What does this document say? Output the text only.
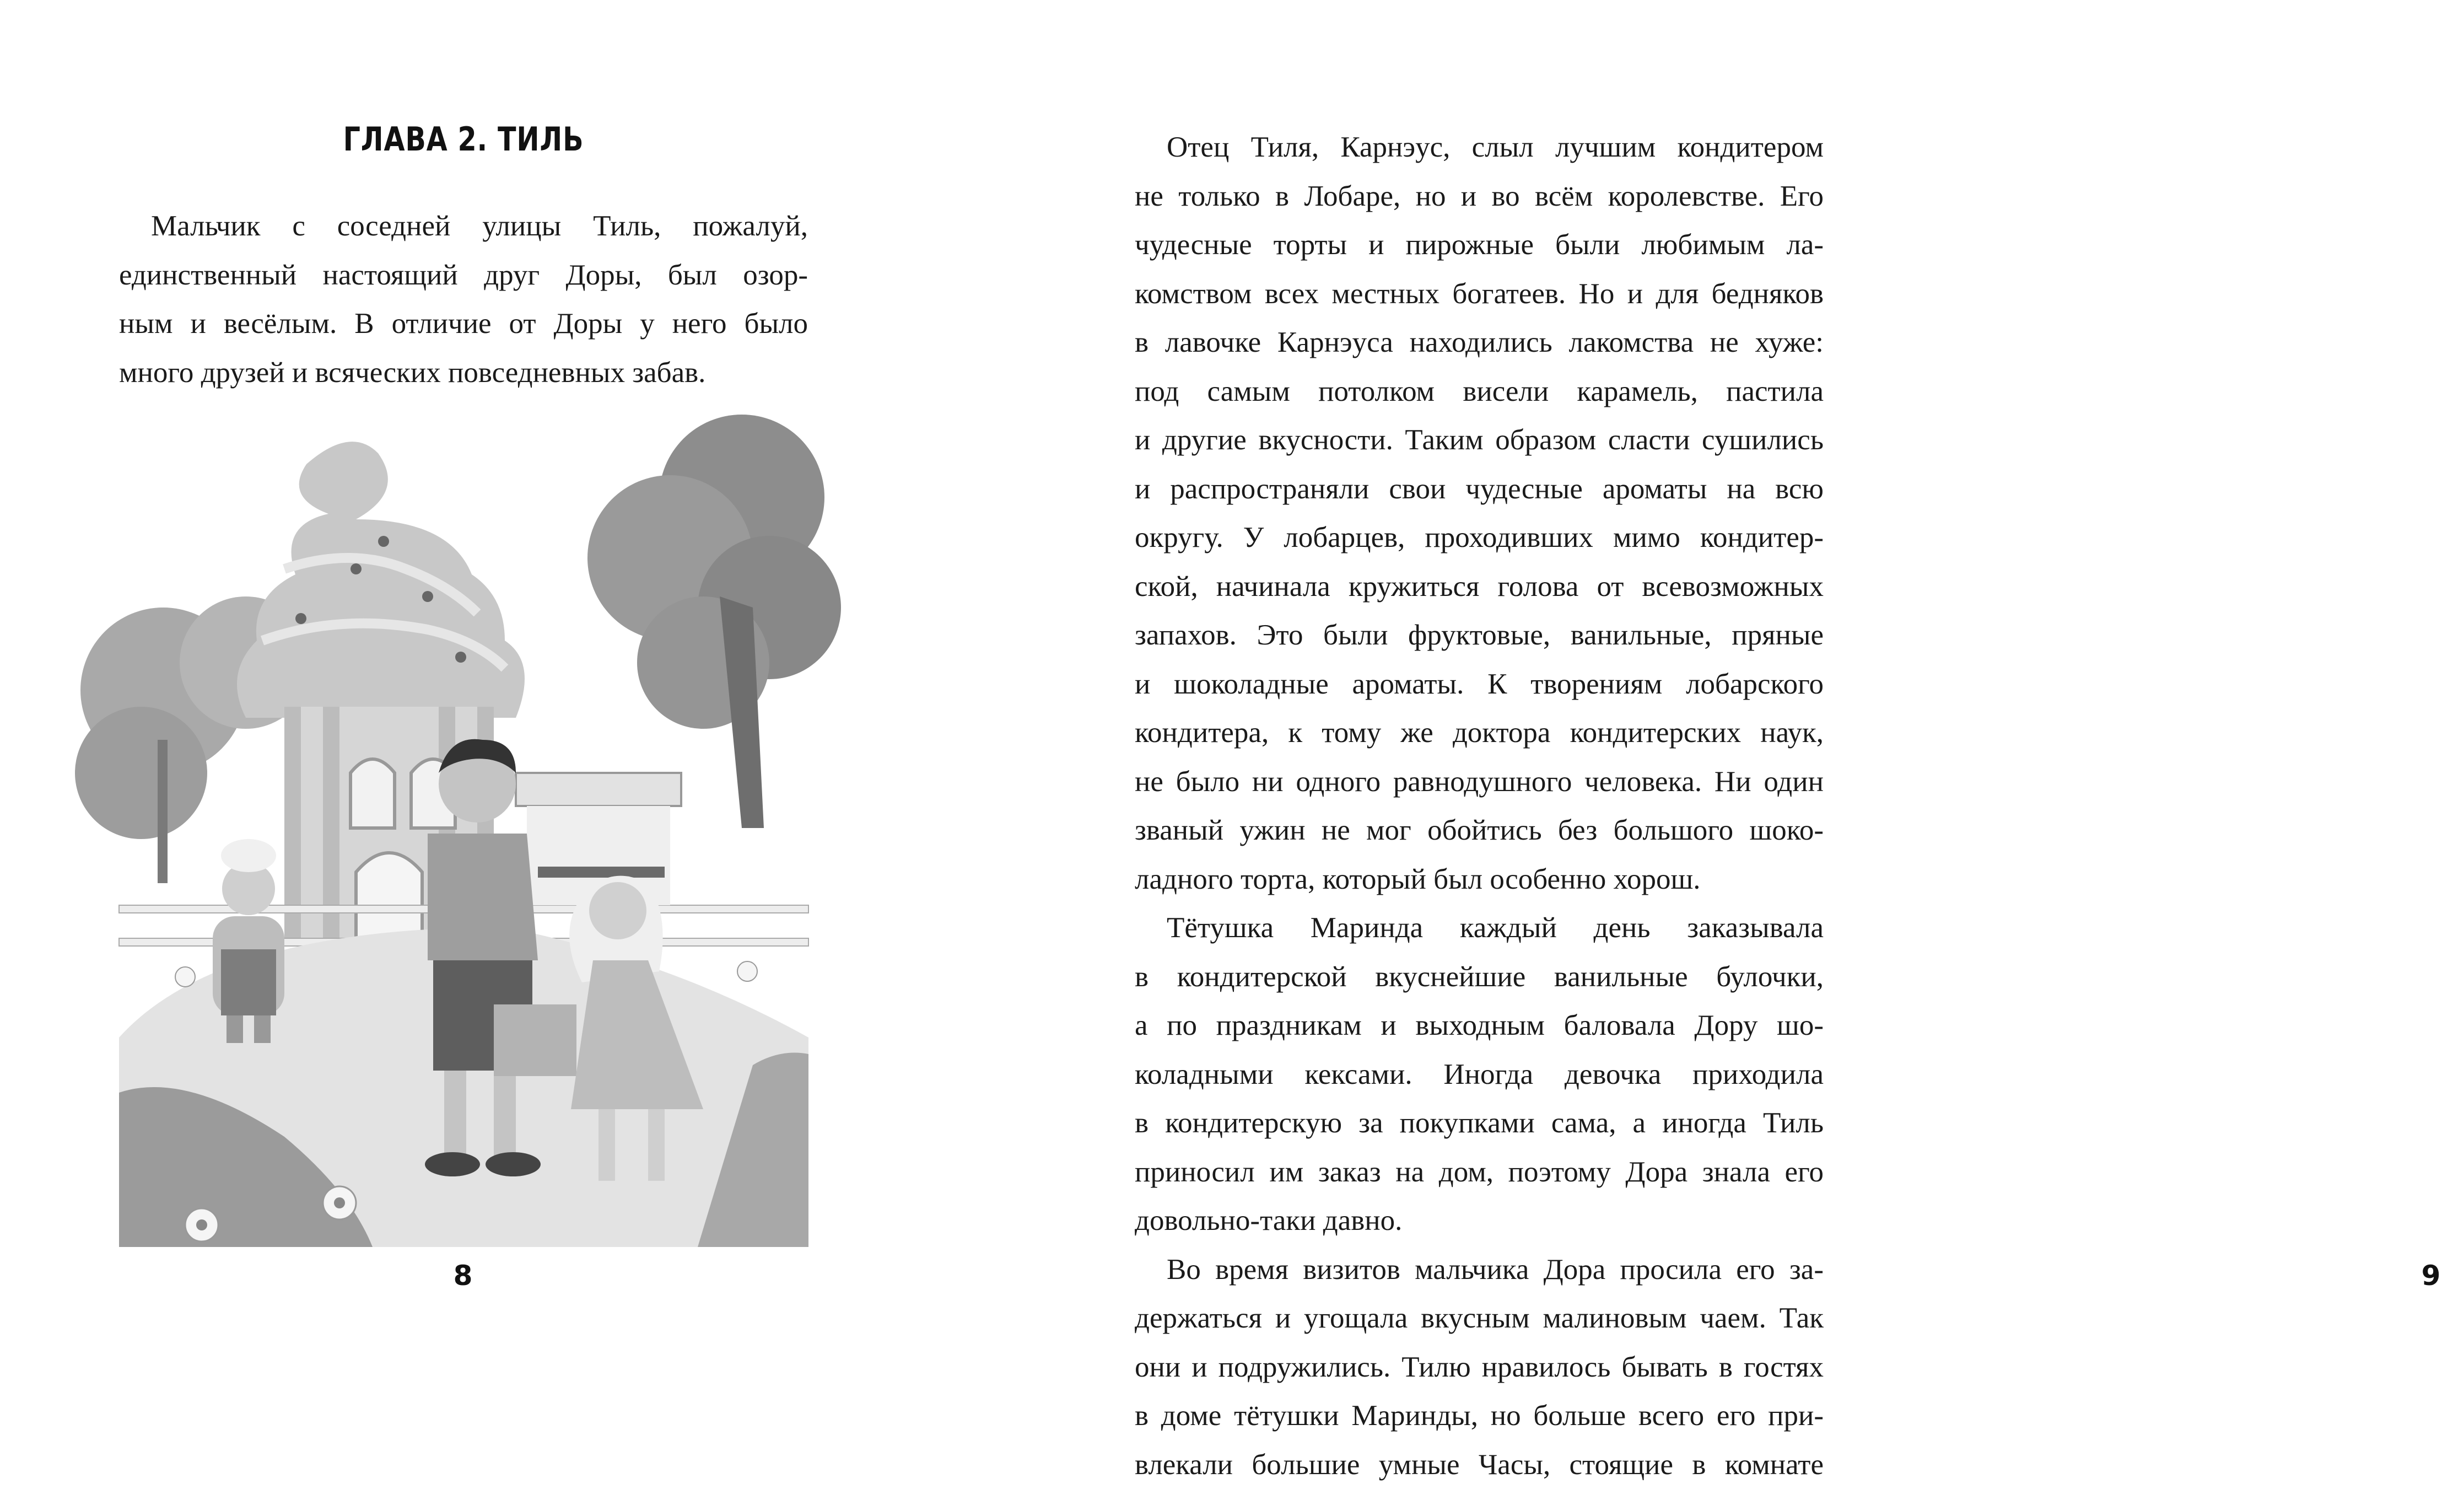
ГЛАВА 2. ТИЛЬ
Мальчик с соседней улицы Тиль, пожалуй,
единственный настоящий друг Доры, был озор-
ным и весёлым. В отличие от Доры у него было
много друзей и всяческих повседневных забав.
8
Отец Тиля, Карнэус, слыл лучшим кондитером
не только в Лобаре, но и во всём королевстве. Его
чудесные торты и пирожные были любимым ла-
комством всех местных богатеев. Но и для бедняков
в лавочке Карнэуса находились лакомства не хуже:
под самым потолком висели карамель, пастила
и другие вкусности. Таким образом сласти сушились
и распространяли свои чудесные ароматы на всю
округу. У лобарцев, проходивших мимо кондитер-
ской, начинала кружиться голова от всевозможных
запахов. Это были фруктовые, ванильные, пряные
и шоколадные ароматы. К творениям лобарского
кондитера, к тому же доктора кондитерских наук,
не было ни одного равнодушного человека. Ни один
званый ужин не мог обойтись без большого шоко-
ладного торта, который был особенно хорош.
Тётушка Маринда каждый день заказывала
в кондитерской вкуснейшие ванильные булочки,
а по праздникам и выходным баловала Дору шо-
коладными кексами. Иногда девочка приходила
в кондитерскую за покупками сама, а иногда Тиль
приносил им заказ на дом, поэтому Дора знала его
довольно-таки давно.
Во время визитов мальчика Дора просила его за-
держаться и угощала вкусным малиновым чаем. Так
они и подружились. Тилю нравилось бывать в гостях
в доме тётушки Маринды, но больше всего его при-
влекали большие умные Часы, стоящие в комнате
9
